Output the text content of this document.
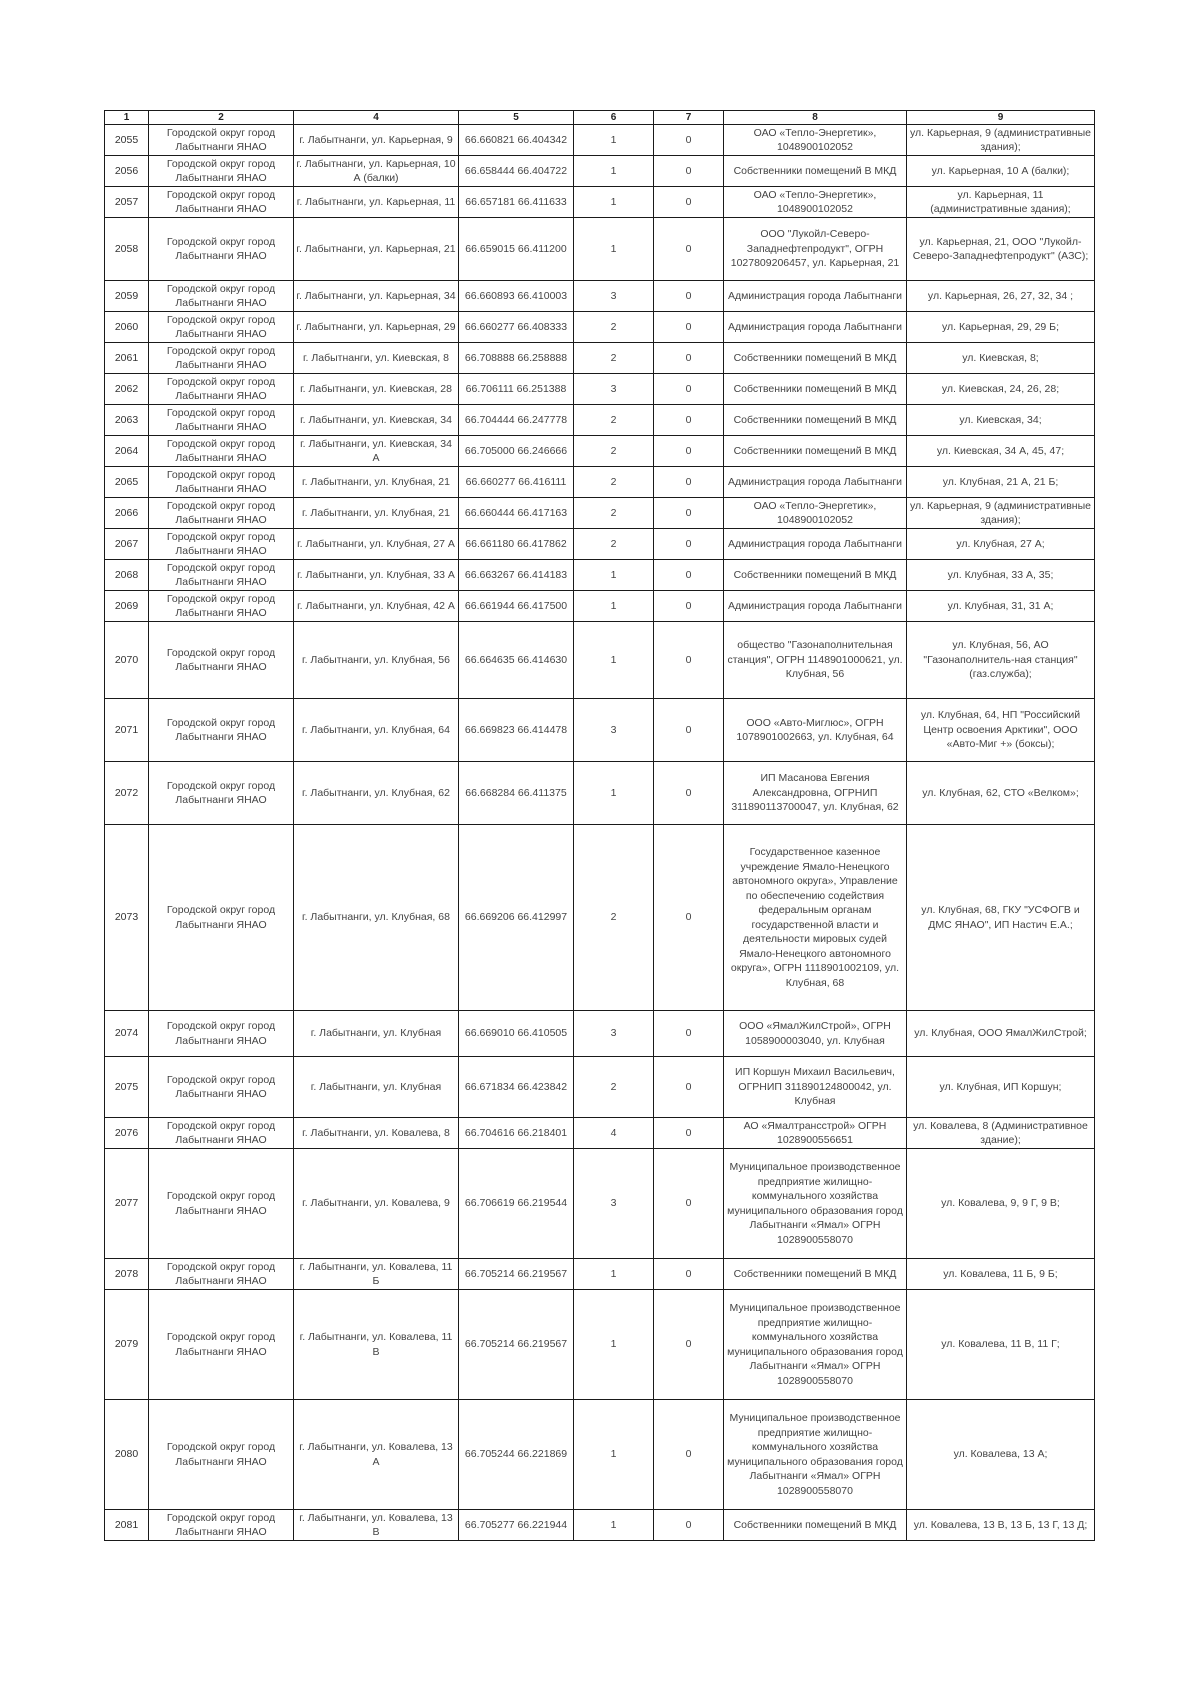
1	2	4	5	6	7	8	9
2055	Городской округ город Лабытнанги ЯНАО	г. Лабытнанги, ул. Карьерная, 9	66.660821 66.404342	1	0	ОАО «Тепло-Энергетик», 1048900102052	ул. Карьерная, 9 (административные здания);
2056	Городской округ город Лабытнанги ЯНАО	г. Лабытнанги, ул. Карьерная, 10 А (балки)	66.658444 66.404722	1	0	Собственники помещений В МКД	ул. Карьерная, 10 А (балки);
2057	Городской округ город Лабытнанги ЯНАО	г. Лабытнанги, ул. Карьерная, 11	66.657181 66.411633	1	0	ОАО «Тепло-Энергетик», 1048900102052	ул. Карьерная, 11 (административные здания);
2058	Городской округ город Лабытнанги ЯНАО	г. Лабытнанги, ул. Карьерная, 21	66.659015 66.411200	1	0	ООО "Лукойл-Северо-Западнефтепродукт", ОГРН 1027809206457, ул. Карьерная, 21	ул. Карьерная, 21, ООО "Лукойл-Северо-Западнефтепродукт" (АЗС);
2059	Городской округ город Лабытнанги ЯНАО	г. Лабытнанги, ул. Карьерная, 34	66.660893 66.410003	3	0	Администрация города Лабытнанги	ул. Карьерная, 26, 27, 32, 34 ;
2060	Городской округ город Лабытнанги ЯНАО	г. Лабытнанги, ул. Карьерная, 29	66.660277 66.408333	2	0	Администрация города Лабытнанги	ул. Карьерная, 29, 29 Б;
2061	Городской округ город Лабытнанги ЯНАО	г. Лабытнанги, ул. Киевская, 8	66.708888 66.258888	2	0	Собственники помещений В МКД	ул. Киевская, 8;
2062	Городской округ город Лабытнанги ЯНАО	г. Лабытнанги, ул. Киевская, 28	66.706111 66.251388	3	0	Собственники помещений В МКД	ул. Киевская, 24, 26, 28;
2063	Городской округ город Лабытнанги ЯНАО	г. Лабытнанги, ул. Киевская, 34	66.704444 66.247778	2	0	Собственники помещений В МКД	ул. Киевская, 34;
2064	Городской округ город Лабытнанги ЯНАО	г. Лабытнанги, ул. Киевская, 34 А	66.705000 66.246666	2	0	Собственники помещений В МКД	ул. Киевская, 34 А, 45, 47;
2065	Городской округ город Лабытнанги ЯНАО	г. Лабытнанги, ул. Клубная, 21	66.660277 66.416111	2	0	Администрация города Лабытнанги	ул. Клубная, 21 А, 21 Б;
2066	Городской округ город Лабытнанги ЯНАО	г. Лабытнанги, ул. Клубная, 21	66.660444 66.417163	2	0	ОАО «Тепло-Энергетик», 1048900102052	ул. Карьерная, 9 (административные здания);
2067	Городской округ город Лабытнанги ЯНАО	г. Лабытнанги, ул. Клубная, 27 А	66.661180 66.417862	2	0	Администрация города Лабытнанги	ул. Клубная, 27 А;
2068	Городской округ город Лабытнанги ЯНАО	г. Лабытнанги, ул. Клубная, 33 А	66.663267 66.414183	1	0	Собственники помещений В МКД	ул. Клубная, 33 А, 35;
2069	Городской округ город Лабытнанги ЯНАО	г. Лабытнанги, ул. Клубная, 42 А	66.661944 66.417500	1	0	Администрация города Лабытнанги	ул. Клубная, 31, 31 А;
2070	Городской округ город Лабытнанги ЯНАО	г. Лабытнанги, ул. Клубная, 56	66.664635 66.414630	1	0	общество "Газонаполнительная станция", ОГРН 1148901000621, ул. Клубная, 56	ул. Клубная, 56, АО "Газонаполнитель-ная станция" (газ.служба);
2071	Городской округ город Лабытнанги ЯНАО	г. Лабытнанги, ул. Клубная, 64	66.669823 66.414478	3	0	ООО «Авто-Миглюс», ОГРН 1078901002663, ул. Клубная, 64	ул. Клубная, 64, НП "Российский Центр освоения Арктики", ООО «Авто-Миг +» (боксы);
2072	Городской округ город Лабытнанги ЯНАО	г. Лабытнанги, ул. Клубная, 62	66.668284 66.411375	1	0	ИП Масанова Евгения Александровна, ОГРНИП 311890113700047, ул. Клубная, 62	ул. Клубная, 62, СТО «Велком»;
2073	Городской округ город Лабытнанги ЯНАО	г. Лабытнанги, ул. Клубная, 68	66.669206 66.412997	2	0	Государственное казенное учреждение Ямало-Ненецкого автономного округа», Управление по обеспечению содействия федеральным органам государственной власти и деятельности мировых судей Ямало-Ненецкого автономного округа», ОГРН 1118901002109, ул. Клубная, 68	ул. Клубная, 68, ГКУ "УСФОГВ и ДМС ЯНАО", ИП Настич Е.А.;
2074	Городской округ город Лабытнанги ЯНАО	г. Лабытнанги, ул. Клубная	66.669010 66.410505	3	0	ООО «ЯмалЖилСтрой», ОГРН 1058900003040, ул. Клубная	ул. Клубная, ООО ЯмалЖилСтрой;
2075	Городской округ город Лабытнанги ЯНАО	г. Лабытнанги, ул. Клубная	66.671834 66.423842	2	0	ИП Коршун Михаил Васильевич, ОГРНИП 311890124800042, ул. Клубная	ул. Клубная, ИП Коршун;
2076	Городской округ город Лабытнанги ЯНАО	г. Лабытнанги, ул. Ковалева, 8	66.704616 66.218401	4	0	АО «Ямалтрансстрой» ОГРН 1028900556651	ул. Ковалева, 8 (Административное здание);
2077	Городской округ город Лабытнанги ЯНАО	г. Лабытнанги, ул. Ковалева, 9	66.706619 66.219544	3	0	Муниципальное производственное предприятие жилищно-коммунального хозяйства муниципального образования город Лабытнанги «Ямал» ОГРН 1028900558070	ул. Ковалева, 9, 9 Г, 9 В;
2078	Городской округ город Лабытнанги ЯНАО	г. Лабытнанги, ул. Ковалева, 11 Б	66.705214 66.219567	1	0	Собственники помещений В МКД	ул. Ковалева, 11 Б, 9 Б;
2079	Городской округ город Лабытнанги ЯНАО	г. Лабытнанги, ул. Ковалева, 11 В	66.705214 66.219567	1	0	Муниципальное производственное предприятие жилищно-коммунального хозяйства муниципального образования город Лабытнанги «Ямал» ОГРН 1028900558070	ул. Ковалева, 11 В, 11 Г;
2080	Городской округ город Лабытнанги ЯНАО	г. Лабытнанги, ул. Ковалева, 13 А	66.705244 66.221869	1	0	Муниципальное производственное предприятие жилищно-коммунального хозяйства муниципального образования город Лабытнанги «Ямал» ОГРН 1028900558070	ул. Ковалева, 13 А;
2081	Городской округ город Лабытнанги ЯНАО	г. Лабытнанги, ул. Ковалева, 13 В	66.705277 66.221944	1	0	Собственники помещений В МКД	ул. Ковалева, 13 В, 13 Б, 13 Г, 13 Д;
